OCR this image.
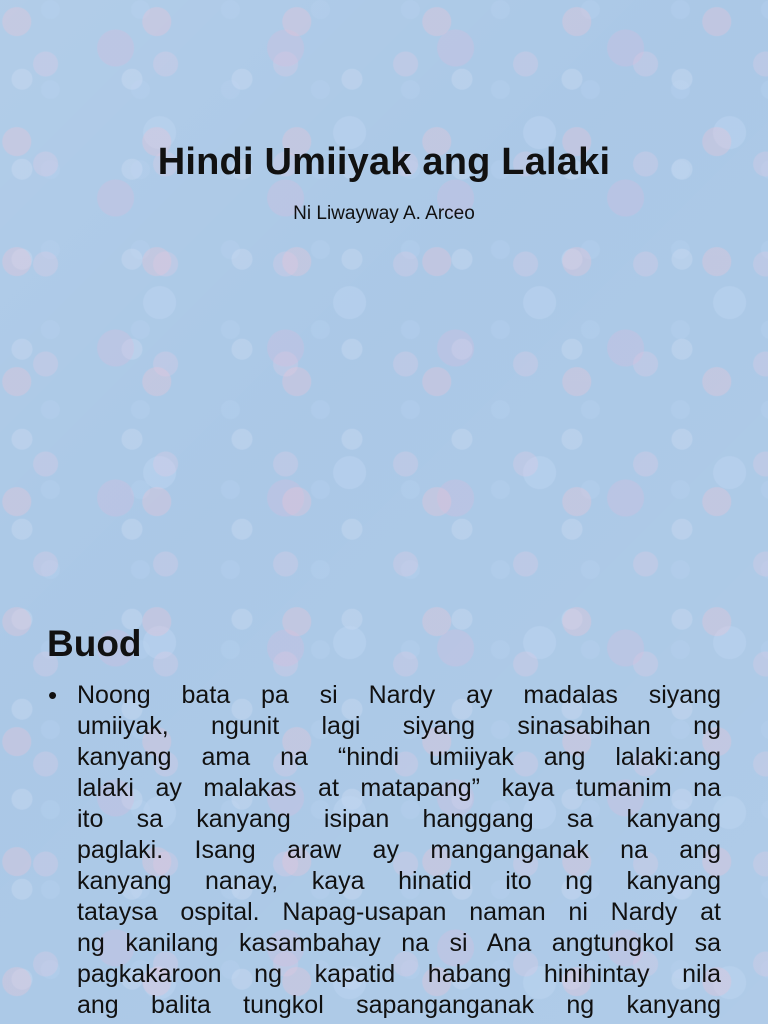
Hindi Umiiyak ang Lalaki
Ni Liwayway A. Arceo
Buod
• Noong bata pa si Nardy ay madalas siyang
umiiyak, ngunit lagi siyang sinasabihan ng
kanyang ama na “hindi umiiyak ang lalaki:ang
lalaki ay malakas at matapang” kaya tumanim na
ito sa kanyang isipan hanggang sa kanyang
paglaki. Isang araw ay manganganak na ang
kanyang nanay, kaya hinatid ito ng kanyang
tataysa ospital. Napag-usapan naman ni Nardy at
ng kanilang kasambahay na si Ana angtungkol sa
pagkakaroon ng kapatid habang hinihintay nila
ang balita tungkol sapanganganak ng kanyang
